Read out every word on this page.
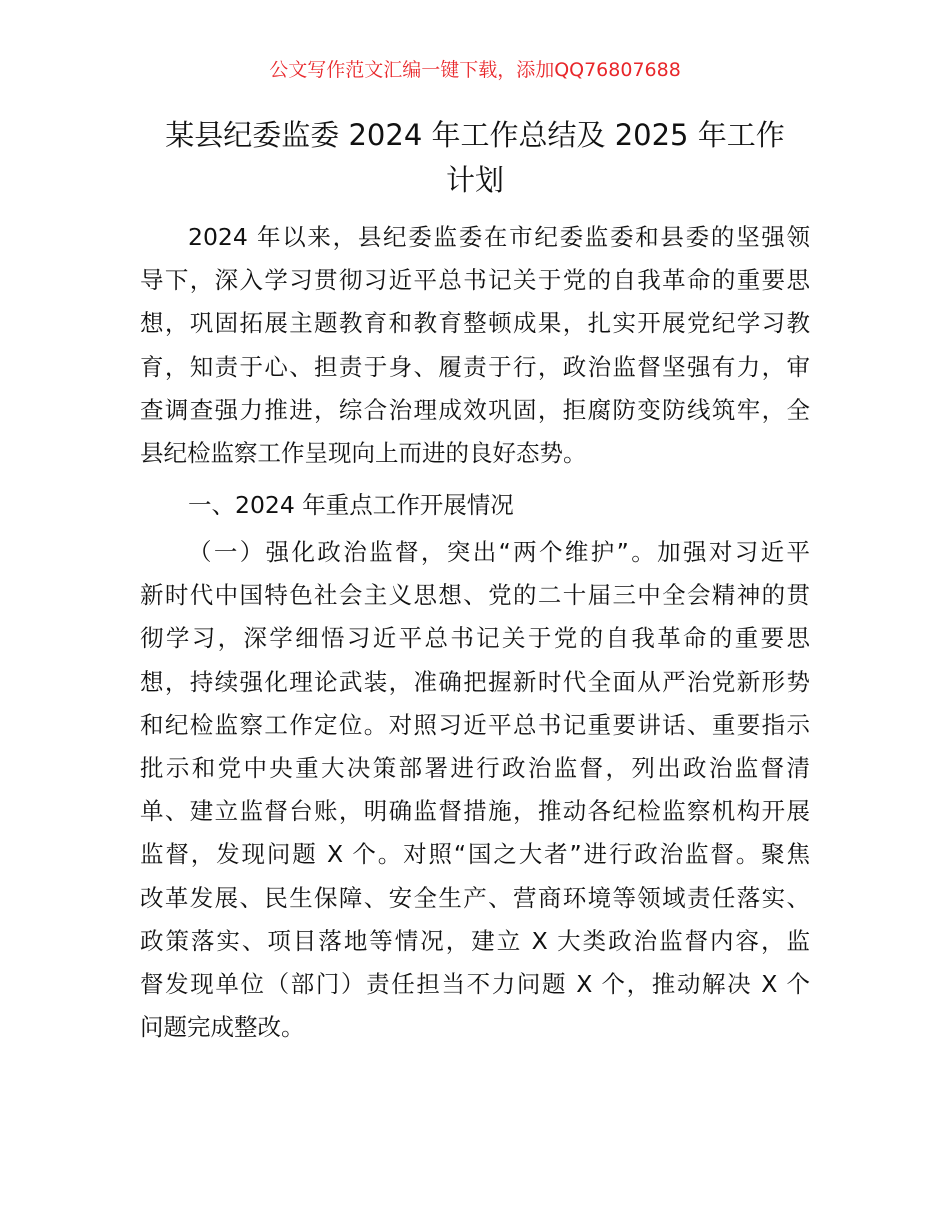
公文写作范文汇编一键下载，添加QQ76807688
某县纪委监委 2024 年工作总结及 2025 年工作
计划
2024 年以来，县纪委监委在市纪委监委和县委的坚强领
导下，深入学习贯彻习近平总书记关于党的自我革命的重要思
想，巩固拓展主题教育和教育整顿成果，扎实开展党纪学习教
育，知责于心、担责于身、履责于行，政治监督坚强有力，审
查调查强力推进，综合治理成效巩固，拒腐防变防线筑牢，全
县纪检监察工作呈现向上而进的良好态势。
一、2024 年重点工作开展情况
（一）强化政治监督，突出“两个维护”。加强对习近平
新时代中国特色社会主义思想、党的二十届三中全会精神的贯
彻学习，深学细悟习近平总书记关于党的自我革命的重要思
想，持续强化理论武装，准确把握新时代全面从严治党新形势
和纪检监察工作定位。对照习近平总书记重要讲话、重要指示
批示和党中央重大决策部署进行政治监督，列出政治监督清
单、建立监督台账，明确监督措施，推动各纪检监察机构开展
监督，发现问题 X 个。对照“国之大者”进行政治监督。聚焦
改革发展、民生保障、安全生产、营商环境等领域责任落实、
政策落实、项目落地等情况，建立 X 大类政治监督内容，监
督发现单位（部门）责任担当不力问题 X 个，推动解决 X 个
问题完成整改。
